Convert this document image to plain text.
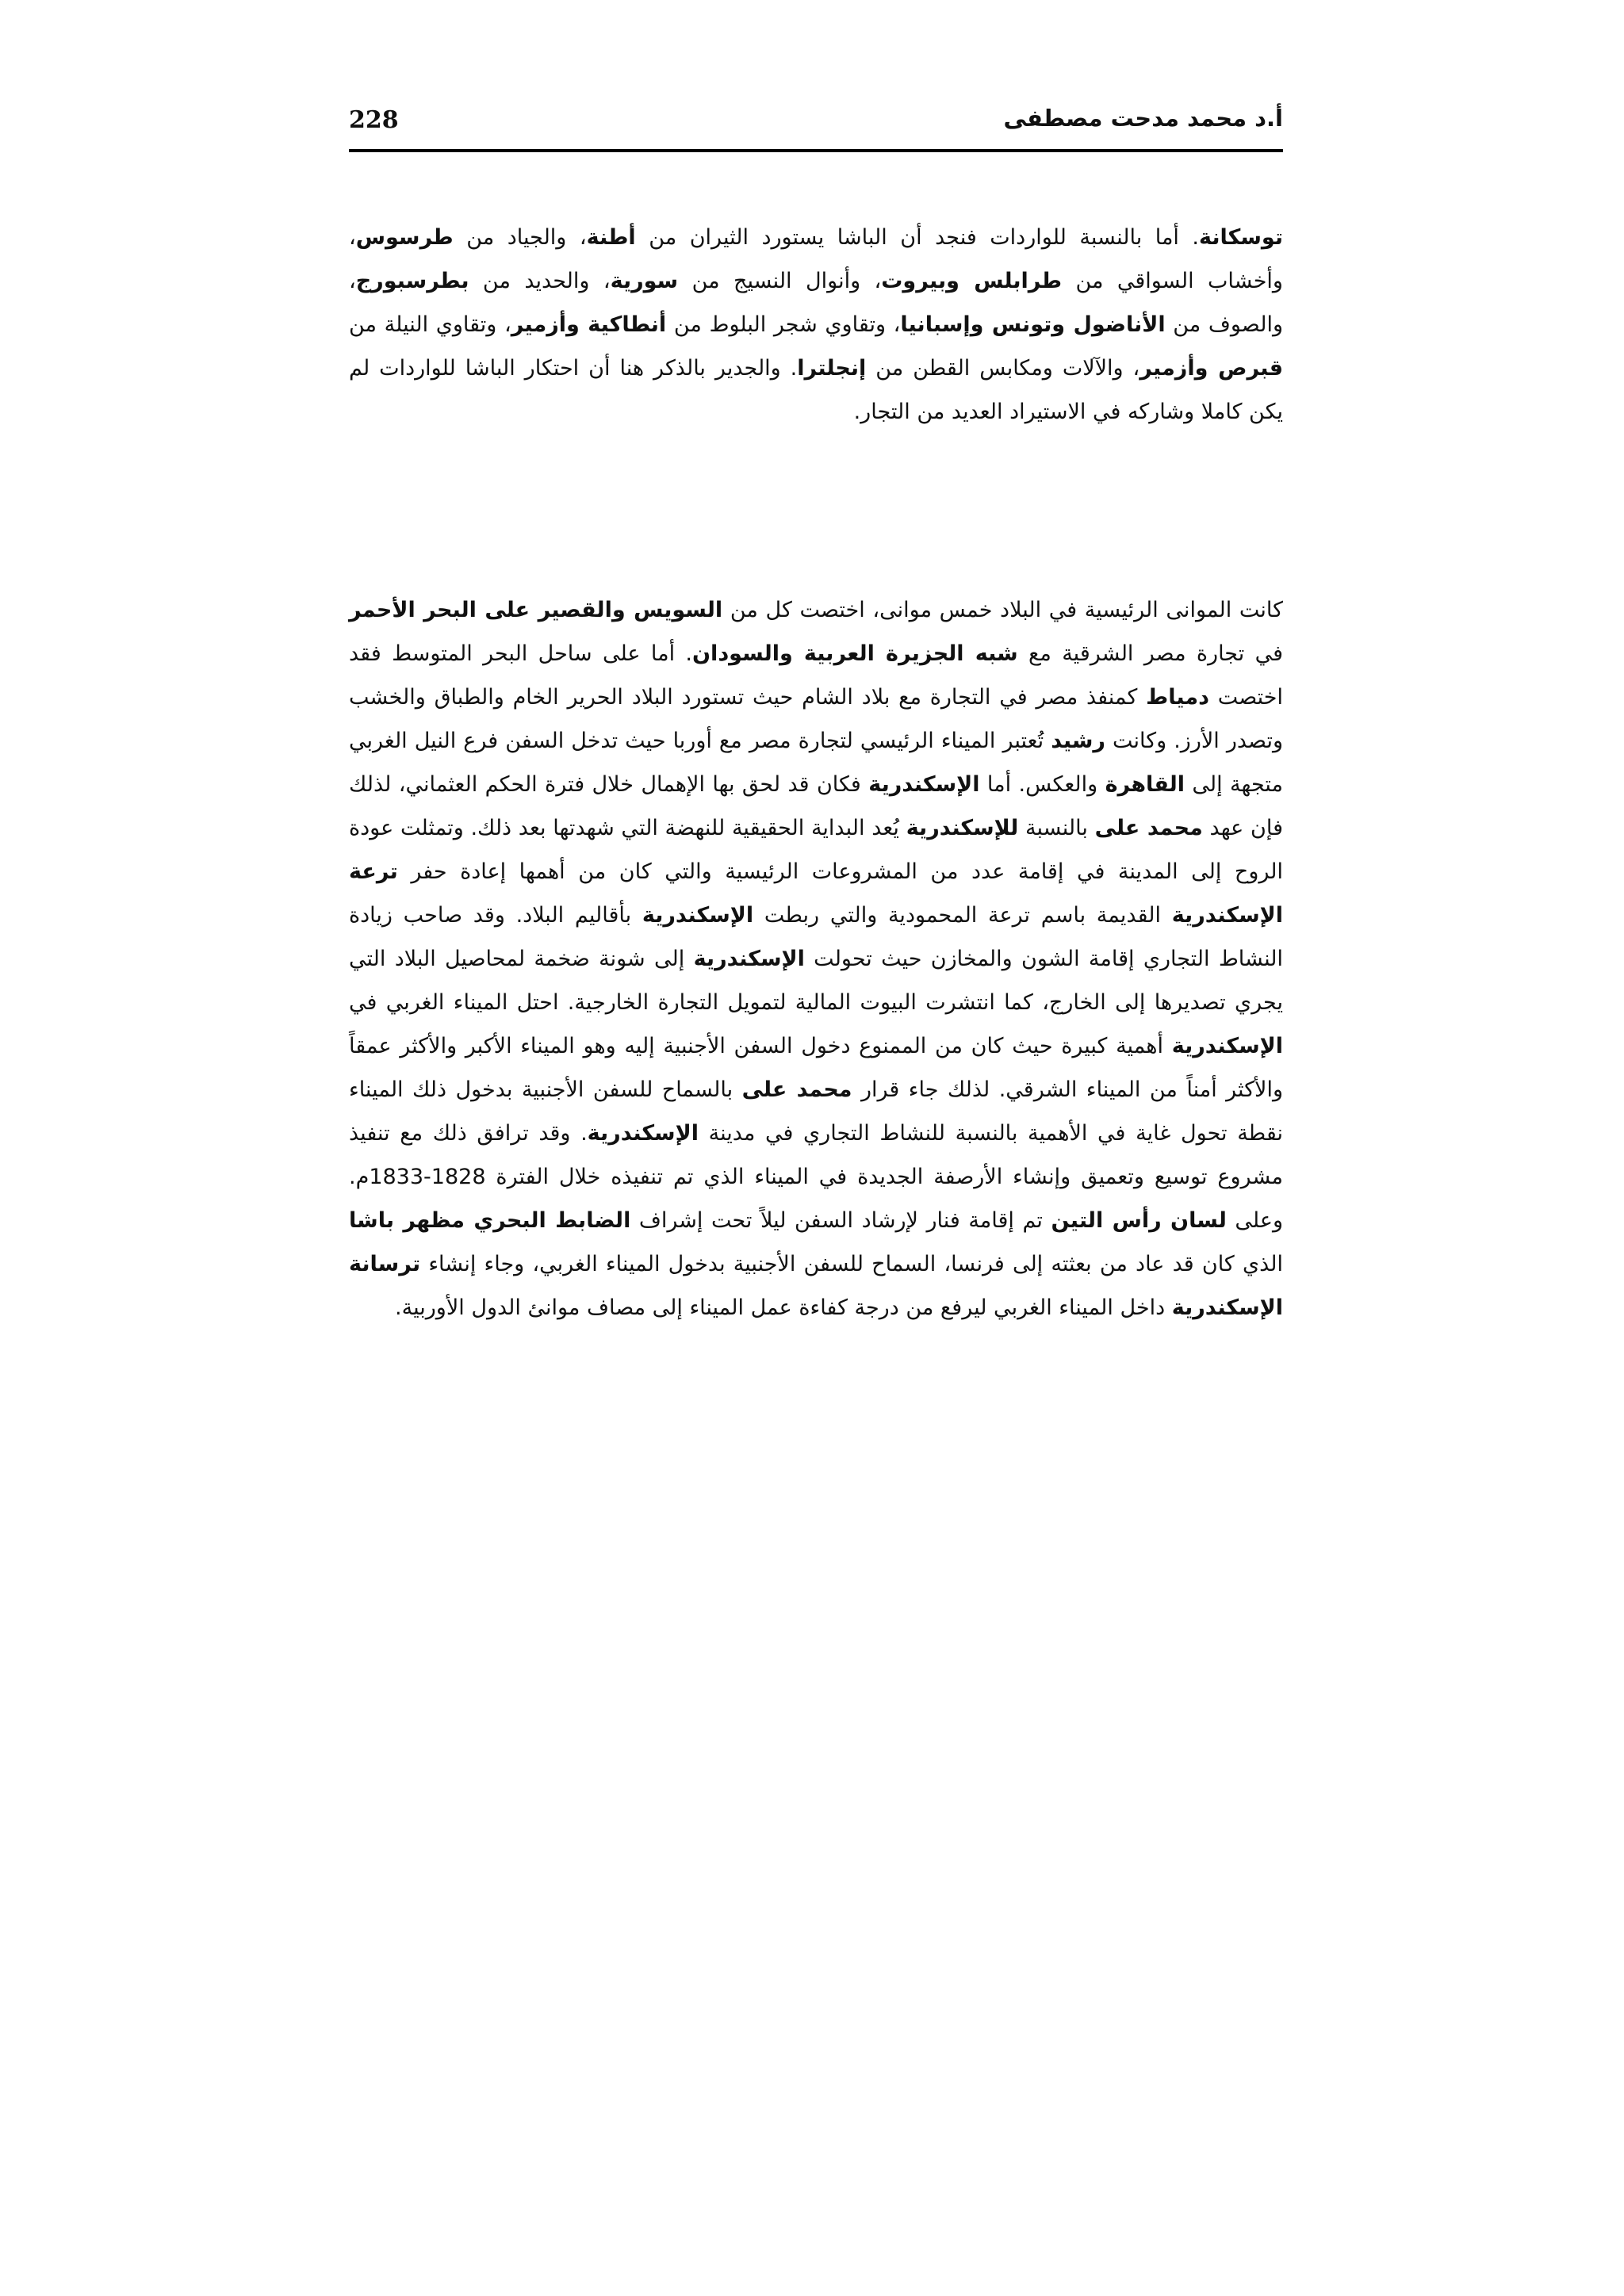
228	أ.د محمد مدحت مصطفى
توسكانة. أما بالنسبة للواردات فنجد أن الباشا يستورد الثيران من أطنة، والجياد من طرسوس، وأخشاب السواقي من طرابلس وبيروت، وأنوال النسيج من سورية، والحديد من بطرسبورج، والصوف من الأناضول وتونس وإسبانيا، وتقاوي شجر البلوط من أنطاكية وأزمير، وتقاوي النيلة من قبرص وأزمير، والآلات ومكابس القطن من إنجلترا. والجدير بالذكر هنا أن احتكار الباشا للواردات لم يكن كاملا وشاركه في الاستيراد العديد من التجار.
كانت الموانى الرئيسية في البلاد خمس موانى، اختصت كل من السويس والقصير على البحر الأحمر في تجارة مصر الشرقية مع شبه الجزيرة العربية والسودان. أما على ساحل البحر المتوسط فقد اختصت دمياط كمنفذ مصر في التجارة مع بلاد الشام حيث تستورد البلاد الحرير الخام والطباق والخشب وتصدر الأرز. وكانت رشيد تُعتبر الميناء الرئيسي لتجارة مصر مع أوربا حيث تدخل السفن فرع النيل الغربي متجهة إلى القاهرة والعكس. أما الإسكندرية فكان قد لحق بها الإهمال خلال فترة الحكم العثماني، لذلك فإن عهد محمد على بالنسبة للإسكندرية يُعد البداية الحقيقية للنهضة التي شهدتها بعد ذلك. وتمثلت عودة الروح إلى المدينة في إقامة عدد من المشروعات الرئيسية والتي كان من أهمها إعادة حفر ترعة الإسكندرية القديمة باسم ترعة المحمودية والتي ربطت الإسكندرية بأقاليم البلاد. وقد صاحب زيادة النشاط التجاري إقامة الشون والمخازن حيث تحولت الإسكندرية إلى شونة ضخمة لمحاصيل البلاد التي يجري تصديرها إلى الخارج، كما انتشرت البيوت المالية لتمويل التجارة الخارجية. احتل الميناء الغربي في الإسكندرية أهمية كبيرة حيث كان من الممنوع دخول السفن الأجنبية إليه وهو الميناء الأكبر والأكثر عمقاً والأكثر أمناً من الميناء الشرقي. لذلك جاء قرار محمد على بالسماح للسفن الأجنبية بدخول ذلك الميناء نقطة تحول غاية في الأهمية بالنسبة للنشاط التجاري في مدينة الإسكندرية. وقد ترافق ذلك مع تنفيذ مشروع توسيع وتعميق وإنشاء الأرصفة الجديدة في الميناء الذي تم تنفيذه خلال الفترة 1828-1833م. وعلى لسان رأس التين تم إقامة فنار لإرشاد السفن ليلاً تحت إشراف الضابط البحري مظهر باشا الذي كان قد عاد من بعثته إلى فرنسا، السماح للسفن الأجنبية بدخول الميناء الغربي، وجاء إنشاء ترسانة الإسكندرية داخل الميناء الغربي ليرفع من درجة كفاءة عمل الميناء إلى مصاف موانئ الدول الأوربية.
